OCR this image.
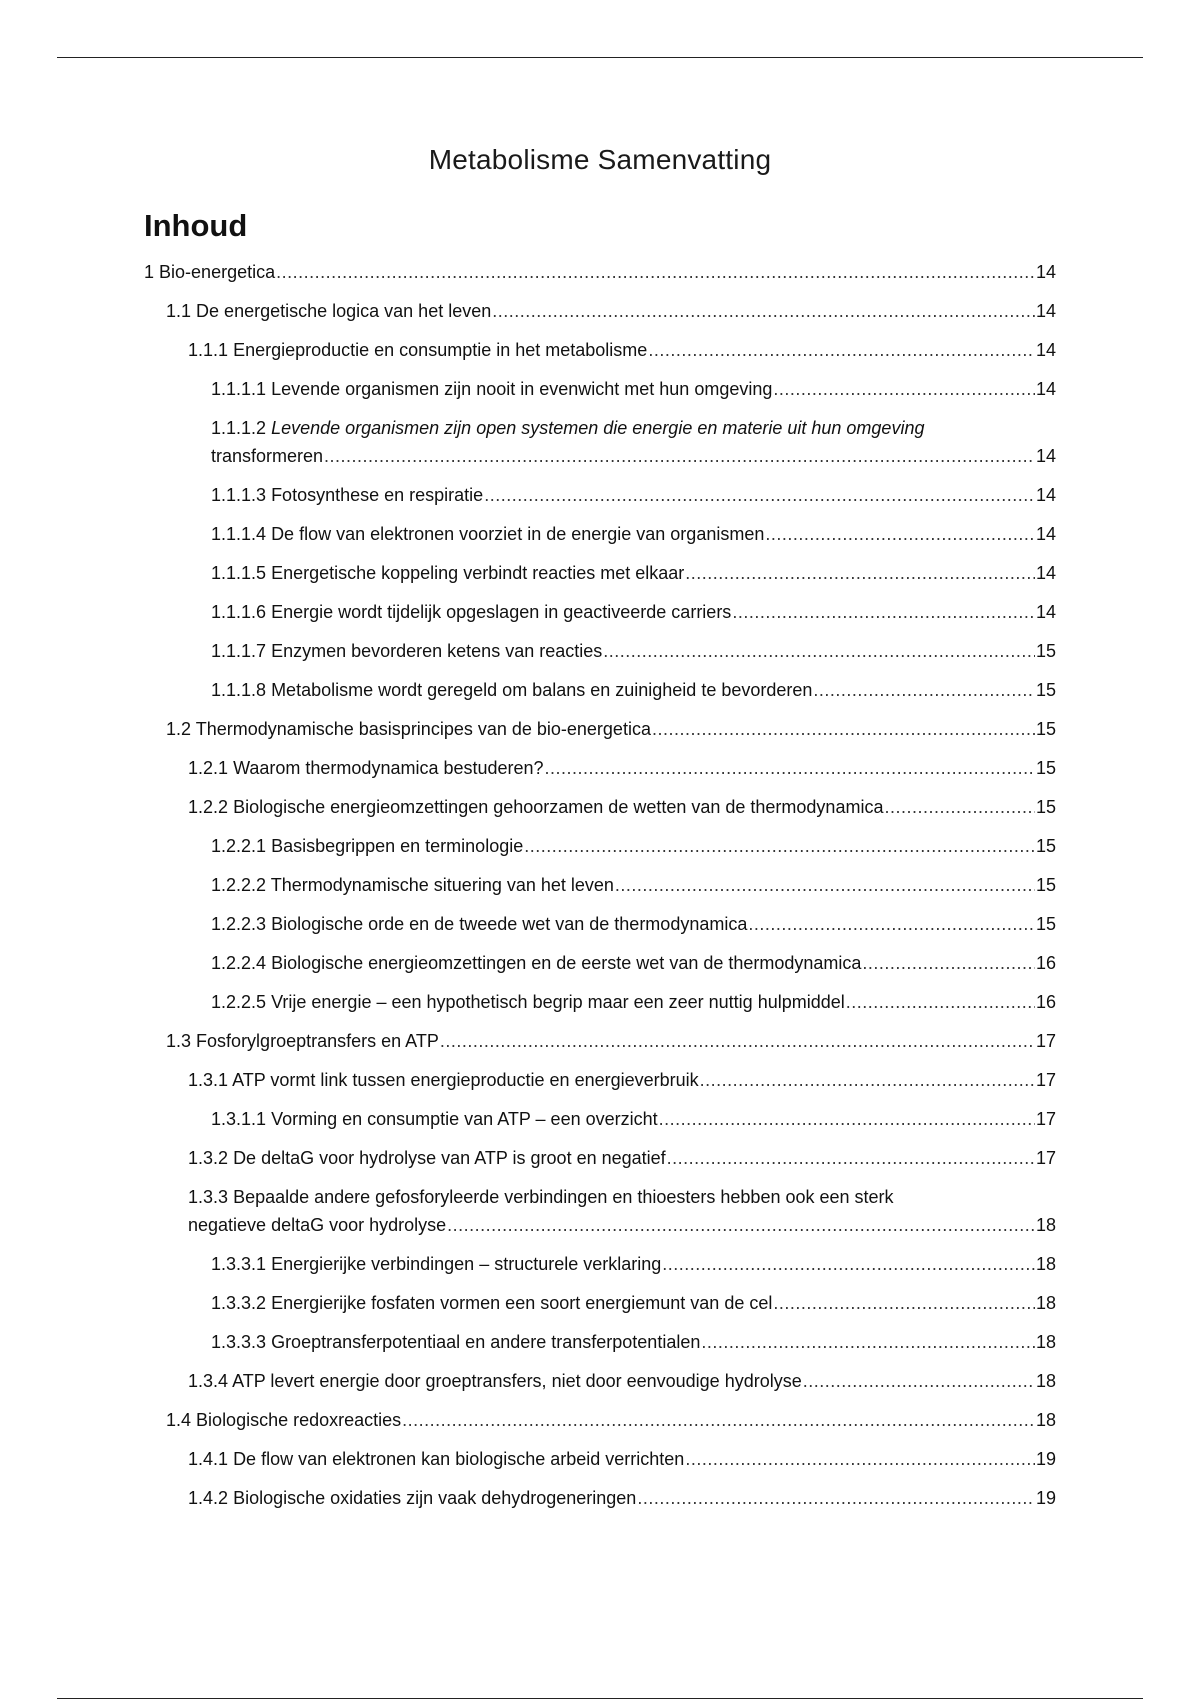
Metabolisme Samenvatting
Inhoud
1 Bio-energetica .....	14
1.1 De energetische logica van het leven .....	14
1.1.1 Energieproductie en consumptie in het metabolisme .....	14
1.1.1.1 Levende organismen zijn nooit in evenwicht met hun omgeving .....	14
1.1.1.2 Levende organismen zijn open systemen die energie en materie uit hun omgeving
transformeren .....	14
1.1.1.3 Fotosynthese en respiratie .....	14
1.1.1.4 De flow van elektronen voorziet in de energie van organismen .....	14
1.1.1.5 Energetische koppeling verbindt reacties met elkaar .....	14
1.1.1.6 Energie wordt tijdelijk opgeslagen in geactiveerde carriers .....	14
1.1.1.7 Enzymen bevorderen ketens van reacties .....	15
1.1.1.8 Metabolisme wordt geregeld om balans en zuinigheid te bevorderen .....	15
1.2 Thermodynamische basisprincipes van de bio-energetica .....	15
1.2.1 Waarom thermodynamica bestuderen? .....	15
1.2.2 Biologische energieomzettingen gehoorzamen de wetten van de thermodynamica .....	15
1.2.2.1 Basisbegrippen en terminologie .....	15
1.2.2.2 Thermodynamische situering van het leven .....	15
1.2.2.3 Biologische orde en de tweede wet van de thermodynamica .....	15
1.2.2.4 Biologische energieomzettingen en de eerste wet van de thermodynamica .....	16
1.2.2.5 Vrije energie – een hypothetisch begrip maar een zeer nuttig hulpmiddel .....	16
1.3 Fosforylgroeptransfers en ATP .....	17
1.3.1 ATP vormt link tussen energieproductie en energieverbruik .....	17
1.3.1.1 Vorming en consumptie van ATP – een overzicht .....	17
1.3.2 De deltaG voor hydrolyse van ATP is groot en negatief .....	17
1.3.3 Bepaalde andere gefosforyleerde verbindingen en thioesters hebben ook een sterk
negatieve deltaG voor hydrolyse .....	18
1.3.3.1 Energierijke verbindingen – structurele verklaring .....	18
1.3.3.2 Energierijke fosfaten vormen een soort energiemunt van de cel .....	18
1.3.3.3 Groeptransferpotentiaal en andere transferpotentialen .....	18
1.3.4 ATP levert energie door groeptransfers, niet door eenvoudige hydrolyse .....	18
1.4 Biologische redoxreacties .....	18
1.4.1 De flow van elektronen kan biologische arbeid verrichten .....	19
1.4.2 Biologische oxidaties zijn vaak dehydrogeneringen .....	19
